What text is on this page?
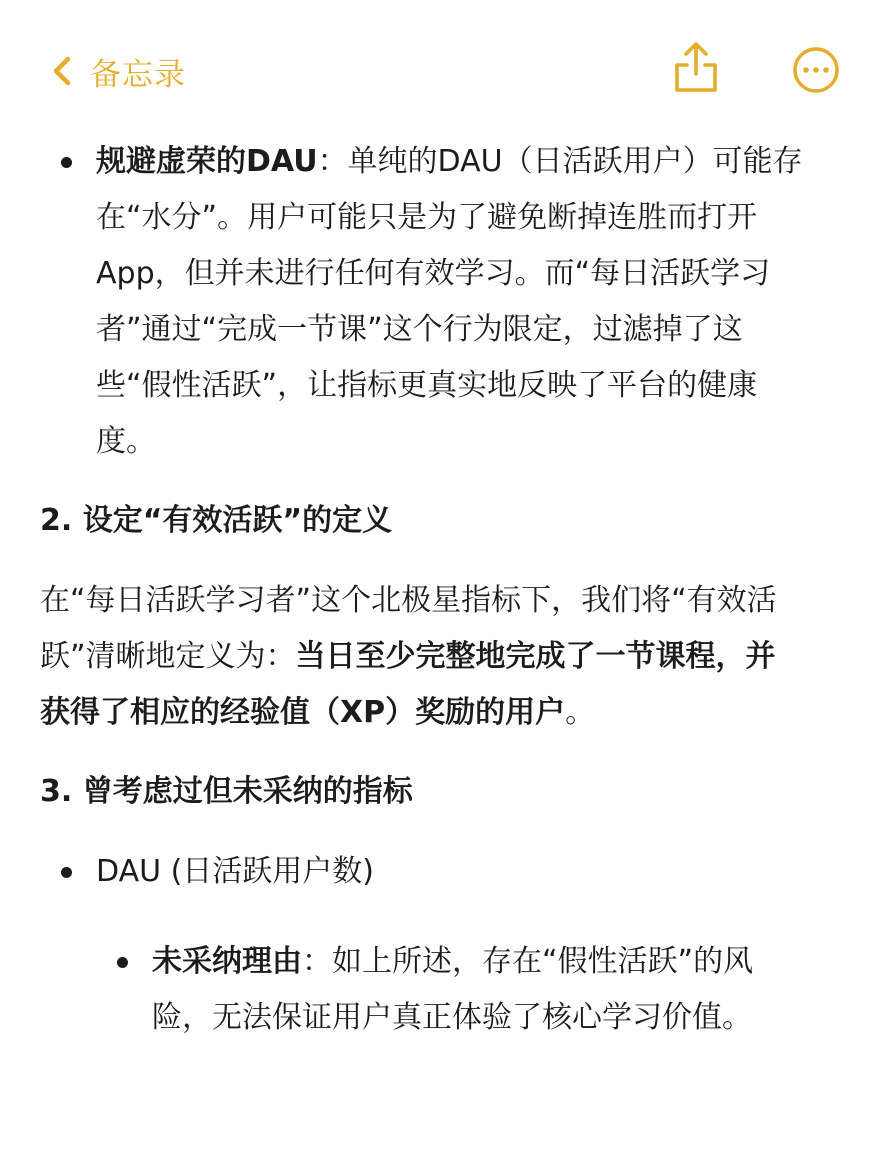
备忘录
规避虚荣的DAU：单纯的DAU（日活跃用户）可能存
在“水分”。用户可能只是为了避免断掉连胜而打开
App，但并未进行任何有效学习。而“每日活跃学习
者”通过“完成一节课”这个行为限定，过滤掉了这
些“假性活跃”，让指标更真实地反映了平台的健康
度。
2. 设定“有效活跃”的定义
在“每日活跃学习者”这个北极星指标下，我们将“有效活
跃”清晰地定义为：当日至少完整地完成了一节课程，并
获得了相应的经验值（XP）奖励的用户。
3. 曾考虑过但未采纳的指标
DAU (日活跃用户数)
未采纳理由：如上所述，存在“假性活跃”的风
险，无法保证用户真正体验了核心学习价值。
